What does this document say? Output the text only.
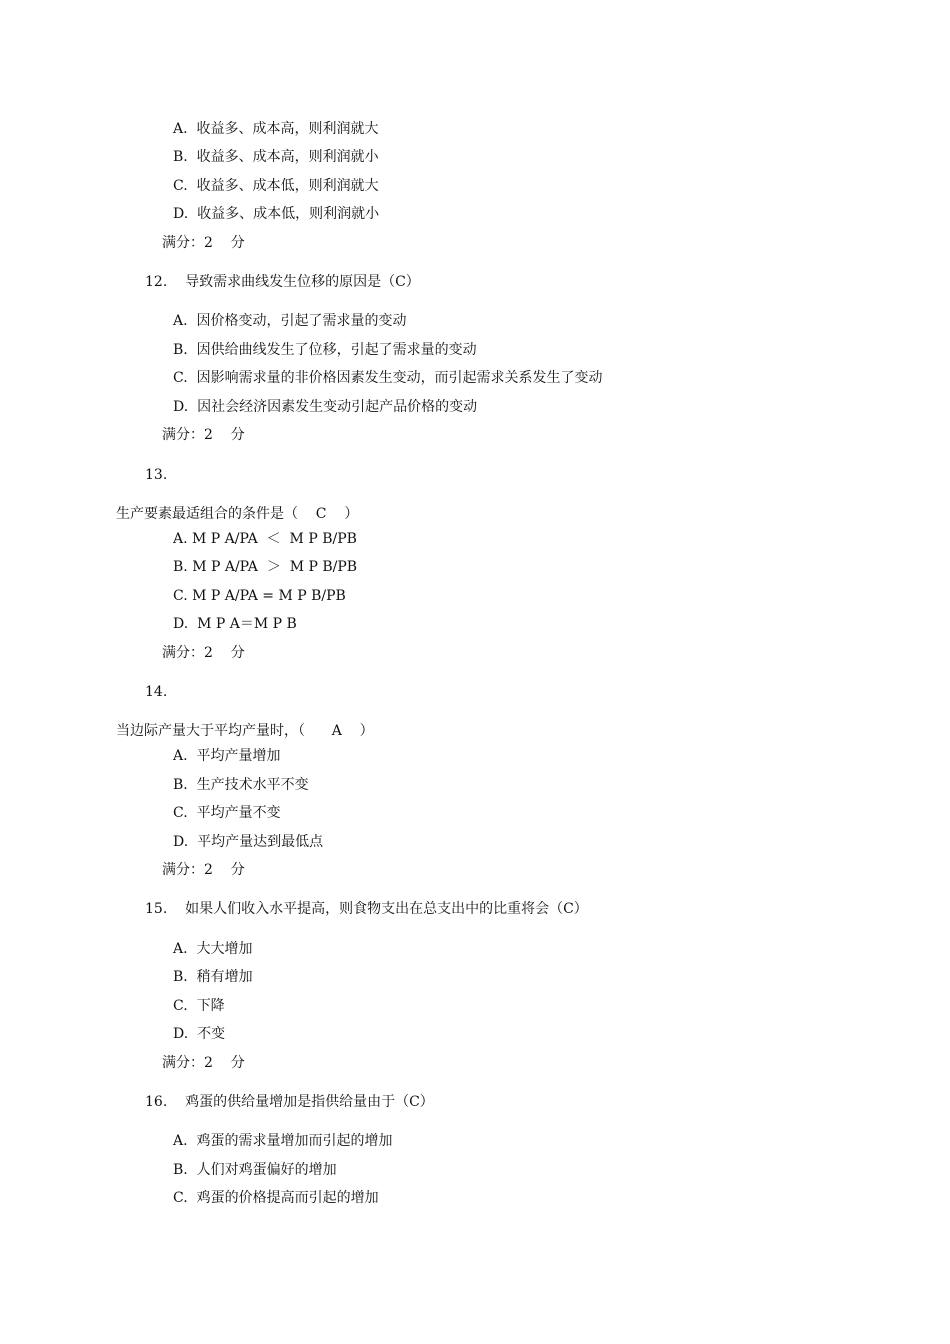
A.  收益多、成本高，则利润就大

B.  收益多、成本高，则利润就小

C.  收益多、成本低，则利润就大

D.  收益多、成本低，则利润就小

满分：2    分

12.    导致需求曲线发生位移的原因是（C）

A.  因价格变动，引起了需求量的变动

B.  因供给曲线发生了位移，引起了需求量的变动

C.  因影响需求量的非价格因素发生变动，而引起需求关系发生了变动

D.  因社会经济因素发生变动引起产品价格的变动

满分：2    分

13.

生产要素最适组合的条件是（    C    ）

A. M P A/PA  ＜  M P B/PB

B. M P A/PA  ＞  M P B/PB

C. M P A/PA = M P B/PB

D.  M P A＝M P B

满分：2    分

14.

当边际产量大于平均产量时，（      A    ）

A.  平均产量增加

B.  生产技术水平不变

C.  平均产量不变

D.  平均产量达到最低点

满分：2    分

15.    如果人们收入水平提高，则食物支出在总支出中的比重将会（C）

A.  大大增加

B.  稍有增加

C.  下降

D.  不变

满分：2    分

16.    鸡蛋的供给量增加是指供给量由于（C）

A.  鸡蛋的需求量增加而引起的增加

B.  人们对鸡蛋偏好的增加

C.  鸡蛋的价格提高而引起的增加
